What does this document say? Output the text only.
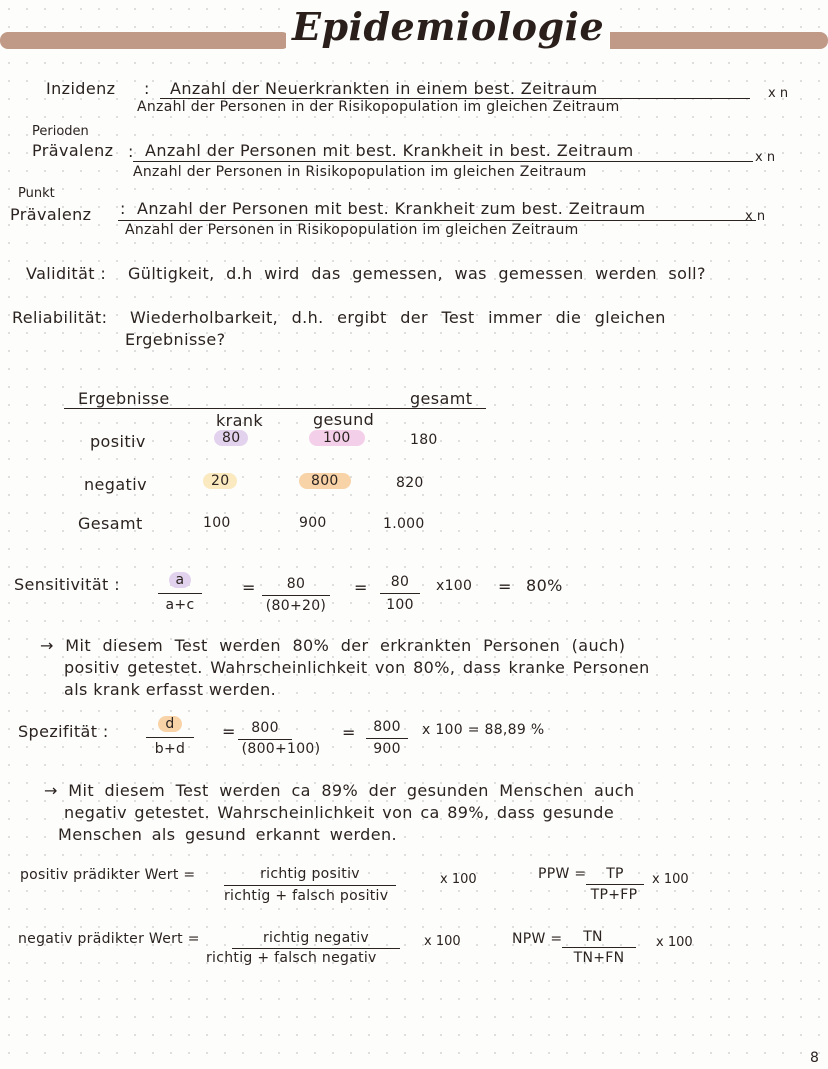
Epidemiologie
Inzidenz : Anzahl der Neuerkrankten in einem best. Zeitraum
Anzahl der Personen in der Risikopopulation im gleichen Zeitraum
x n
Perioden
Prävalenz : Anzahl der Personen mit best. Krankheit in best. Zeitraum
Anzahl der Personen in Risikopopulation im gleichen Zeitraum
x n
Punkt
Prävalenz : Anzahl der Personen mit best. Krankheit zum best. Zeitraum
Anzahl der Personen in Risikopopulation im gleichen Zeitraum
x n
Validität : Gültigkeit, d.h wird das gemessen, was gemessen werden soll?
Reliabilität: Wiederholbarkeit, d.h. ergibt der Test immer die gleichen
Ergebnisse?
Ergebnisse	gesamt
krank	gesund
positiv	80	100	180
negativ	20	800	820
Gesamt	100	900	1.000
Sensitivität :	a
a+c
=	80
(80+20)
=	80
100
x100 = 80%
→ Mit diesem Test werden 80% der erkrankten Personen (auch)
positiv getestet. Wahrscheinlichkeit von 80%, dass kranke Personen
als krank erfasst werden.
Spezifität :	d
b+d
=	800
(800+100)
=	800
900
x 100 = 88,89 %
→ Mit diesem Test werden ca 89% der gesunden Menschen auch
negativ getestet. Wahrscheinlichkeit von ca 89%, dass gesunde
Menschen als gesund erkannt werden.
positiv prädikter Wert =	richtig positiv
richtig + falsch positiv
x 100	PPW =	TP
TP+FP
x 100
negativ prädikter Wert =	richtig negativ
richtig + falsch negativ
x 100	NPW =	TN
TN+FN
x 100
8
